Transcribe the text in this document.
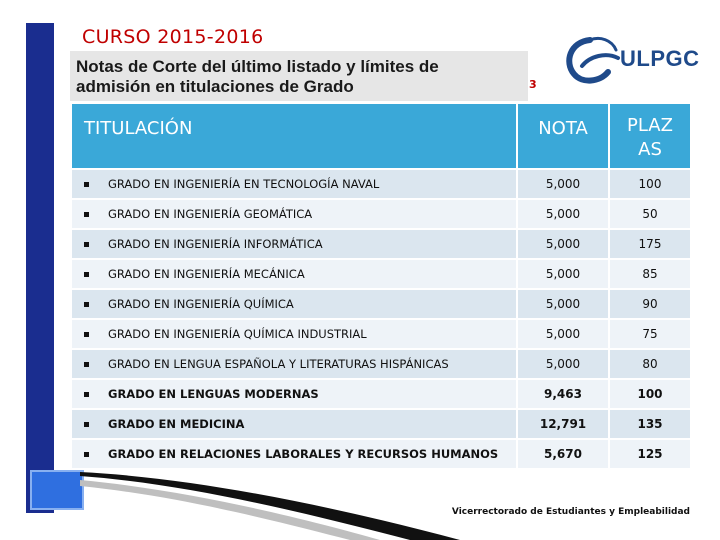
CURSO 2015-2016
Notas de Corte del último listado y límites de
admisión en titulaciones de Grado	3
ULPGC
TITULACIÓN	NOTA	PLAZ
AS
GRADO EN INGENIERÍA EN TECNOLOGÍA NAVAL	5,000	100
GRADO EN INGENIERÍA GEOMÁTICA	5,000	50
GRADO EN INGENIERÍA INFORMÁTICA	5,000	175
GRADO EN INGENIERÍA MECÁNICA	5,000	85
GRADO EN INGENIERÍA QUÍMICA	5,000	90
GRADO EN INGENIERÍA QUÍMICA INDUSTRIAL	5,000	75
GRADO EN LENGUA ESPAÑOLA Y LITERATURAS HISPÁNICAS	5,000	80
GRADO EN LENGUAS MODERNAS	9,463	100
GRADO EN MEDICINA	12,791	135
GRADO EN RELACIONES LABORALES Y RECURSOS HUMANOS	5,670	125
Vicerrectorado de Estudiantes y Empleabilidad
